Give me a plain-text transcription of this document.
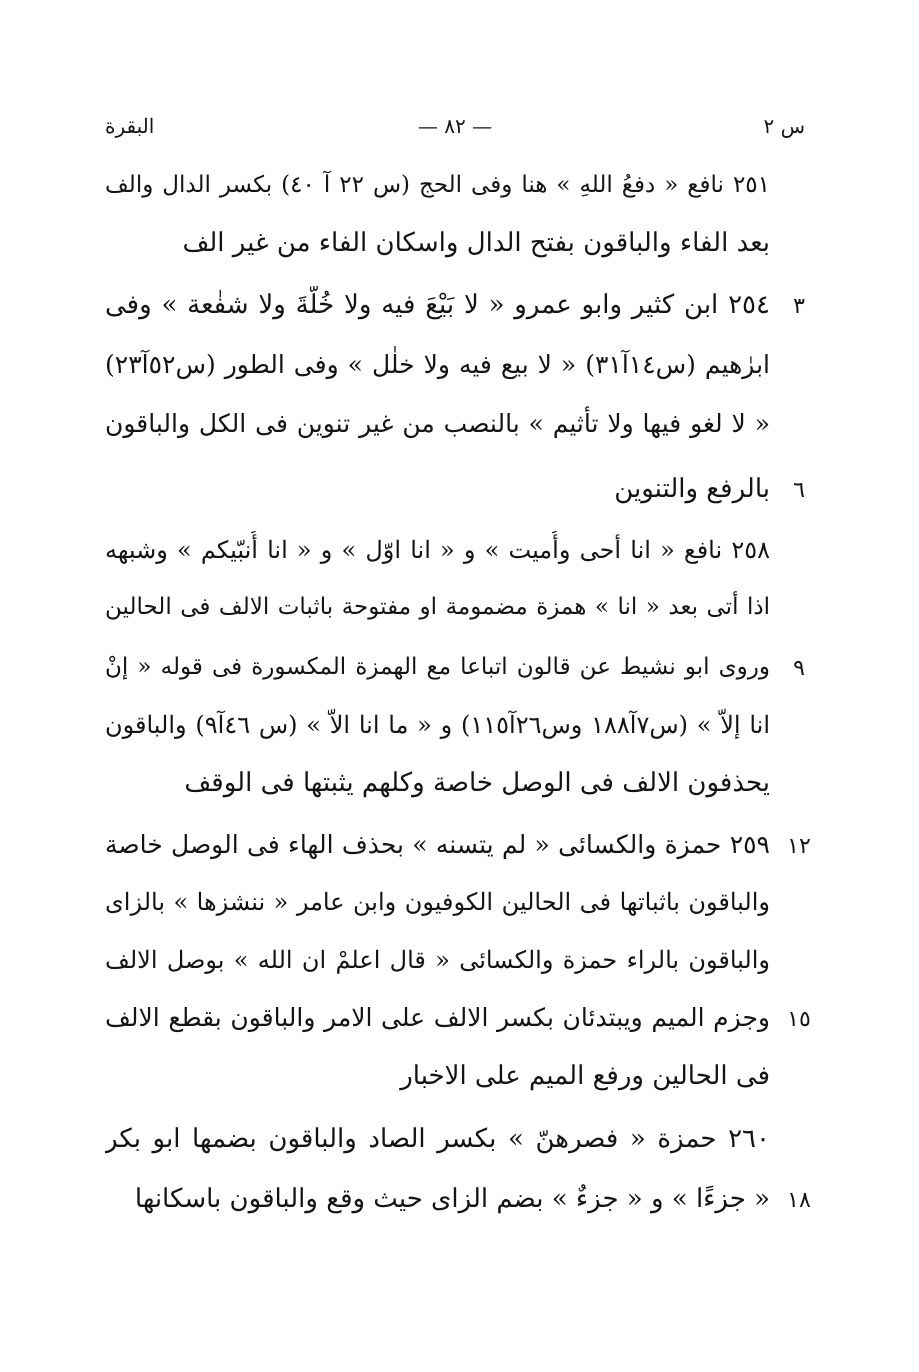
س ٢
— ٨٢ —
البقرة
٢٥١ نافع « دفعُ اللهِ » هنا وفى الحج (س ٢٢ آ ٤٠) بكسر الدال والف
بعد الفاء والباقون بفتح الدال واسكان الفاء من غير الف
٢٥٤ ابن كثير وابو عمرو « لا بَيْعَ فيه ولا خُلّةَ ولا شفٰعة » وفى
ابرٰهيم (س١٤آ٣١) « لا بيع فيه ولا خلٰل » وفى الطور (س٥٢آ٢٣)
« لا لغو فيها ولا تأثيم » بالنصب من غير تنوين فى الكل والباقون
بالرفع والتنوين
٢٥٨ نافع « انا أحى وأُميت » و « انا اوّل » و « انا أُنبّيكم » وشبهه
اذا أتى بعد « انا » همزة مضمومة او مفتوحة باثبات الالف فى الحالين
وروى ابو نشيط عن قالون اتباعا مع الهمزة المكسورة فى قوله « إنْ
انا إلاّ » (س٧آ١٨٨ وس٢٦آ١١٥) و « ما انا الاّ » (س ٤٦آ٩) والباقون
يحذفون الالف فى الوصل خاصة وكلهم يثبتها فى الوقف
٢٥٩ حمزة والكسائى « لم يتسنه » بحذف الهاء فى الوصل خاصة
والباقون باثباتها فى الحالين الكوفيون وابن عامر « ننشزها » بالزاى
والباقون بالراء حمزة والكسائى « قال اعلمْ ان الله » بوصل الالف
وجزم الميم ويبتدئان بكسر الالف على الامر والباقون بقطع الالف
فى الحالين ورفع الميم على الاخبار
٢٦٠ حمزة « فصرهنّ » بكسر الصاد والباقون بضمها ابو بكر
« جزءًا » و « جزءٌ » بضم الزاى حيث وقع والباقون باسكانها
٣
٦
٩
١٢
١٥
١٨
